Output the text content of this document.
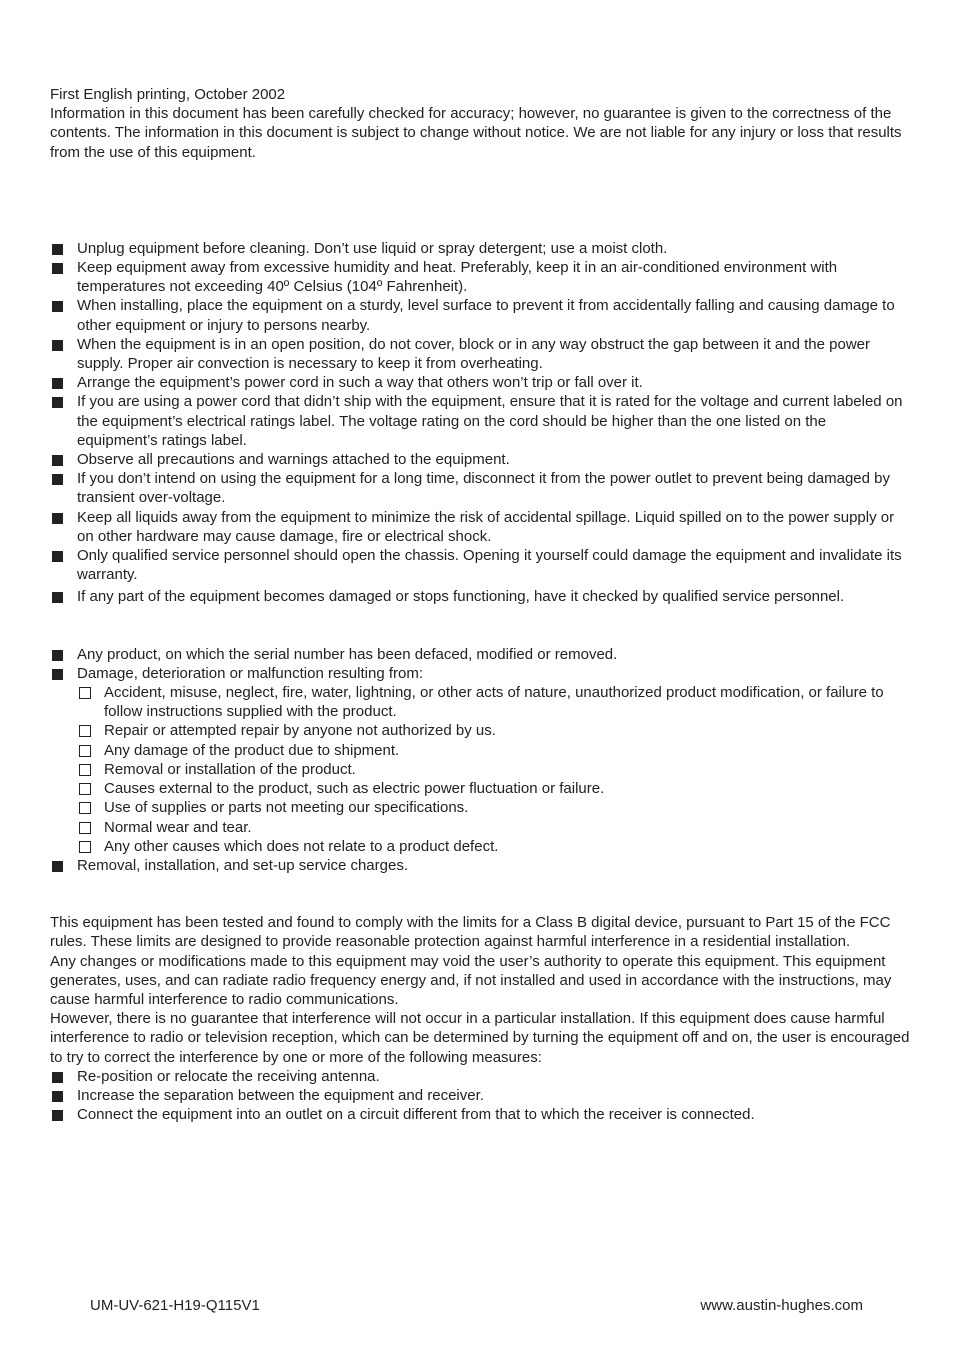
First English printing, October 2002

Information in this document has been carefully checked for accuracy; however, no guarantee is given to the correctness of the contents. The information in this document is subject to change without notice. We are not liable for any injury or loss that results from the use of this equipment.

Unplug equipment before cleaning. Don’t use liquid or spray detergent; use a moist cloth.
Keep equipment away from excessive humidity and heat. Preferably, keep it in an air-conditioned environment with temperatures not exceeding 40º Celsius (104º Fahrenheit).
When installing, place the equipment on a sturdy, level surface to prevent it from accidentally falling and causing damage to other equipment or injury to persons nearby.
When the equipment is in an open position, do not cover, block or in any way obstruct the gap between it and the power supply. Proper air convection is necessary to keep it from overheating.
Arrange the equipment’s power cord in such a way that others won’t trip or fall over it.
If you are using a power cord that didn’t ship with the equipment, ensure that it is rated for the voltage and current labeled on the equipment’s electrical ratings label. The voltage rating on the cord should be higher than the one listed on the equipment’s ratings label.
Observe all precautions and warnings attached to the equipment.
If you don’t intend on using the equipment for a long time, disconnect it from the power outlet to prevent being damaged by transient over-voltage.
Keep all liquids away from the equipment to minimize the risk of accidental spillage. Liquid spilled on to the power supply or on other hardware may cause damage, fire or electrical shock.
Only qualified service personnel should open the chassis. Opening it yourself could damage the equipment and invalidate its warranty.
If any part of the equipment becomes damaged or stops functioning, have it checked by qualified service personnel.
Any product, on which the serial number has been defaced, modified or removed.
Damage, deterioration or malfunction resulting from:
Accident, misuse, neglect, fire, water, lightning, or other acts of nature, unauthorized product modification, or failure to follow instructions supplied with the product.
Repair or attempted repair by anyone not authorized by us.
Any damage of the product due to shipment.
Removal or installation of the product.
Causes external to the product, such as electric power fluctuation or failure.
Use of supplies or parts not meeting our specifications.
Normal wear and tear.
Any other causes which does not relate to a product defect.
Removal, installation, and set-up service charges.

This equipment has been tested and found to comply with the limits for a Class B digital device, pursuant to Part 15 of the FCC rules. These limits are designed to provide reasonable protection against harmful interference in a residential installation.

Any changes or modifications made to this equipment may void the user’s authority to operate this equipment. This equipment generates, uses, and can radiate radio frequency energy and, if not installed and used in accordance with the instructions, may cause harmful interference to radio communications.

However, there is no guarantee that interference will not occur in a particular installation. If this equipment does cause harmful interference to radio or television reception, which can be determined by turning the equipment off and on, the user is encouraged to try to correct the interference by one or more of the following measures:

Re-position or relocate the receiving antenna.
Increase the separation between the equipment and receiver.
Connect the equipment into an outlet on a circuit different from that to which the receiver is connected.
UM-UV-621-H19-Q115V1	www.austin-hughes.com
